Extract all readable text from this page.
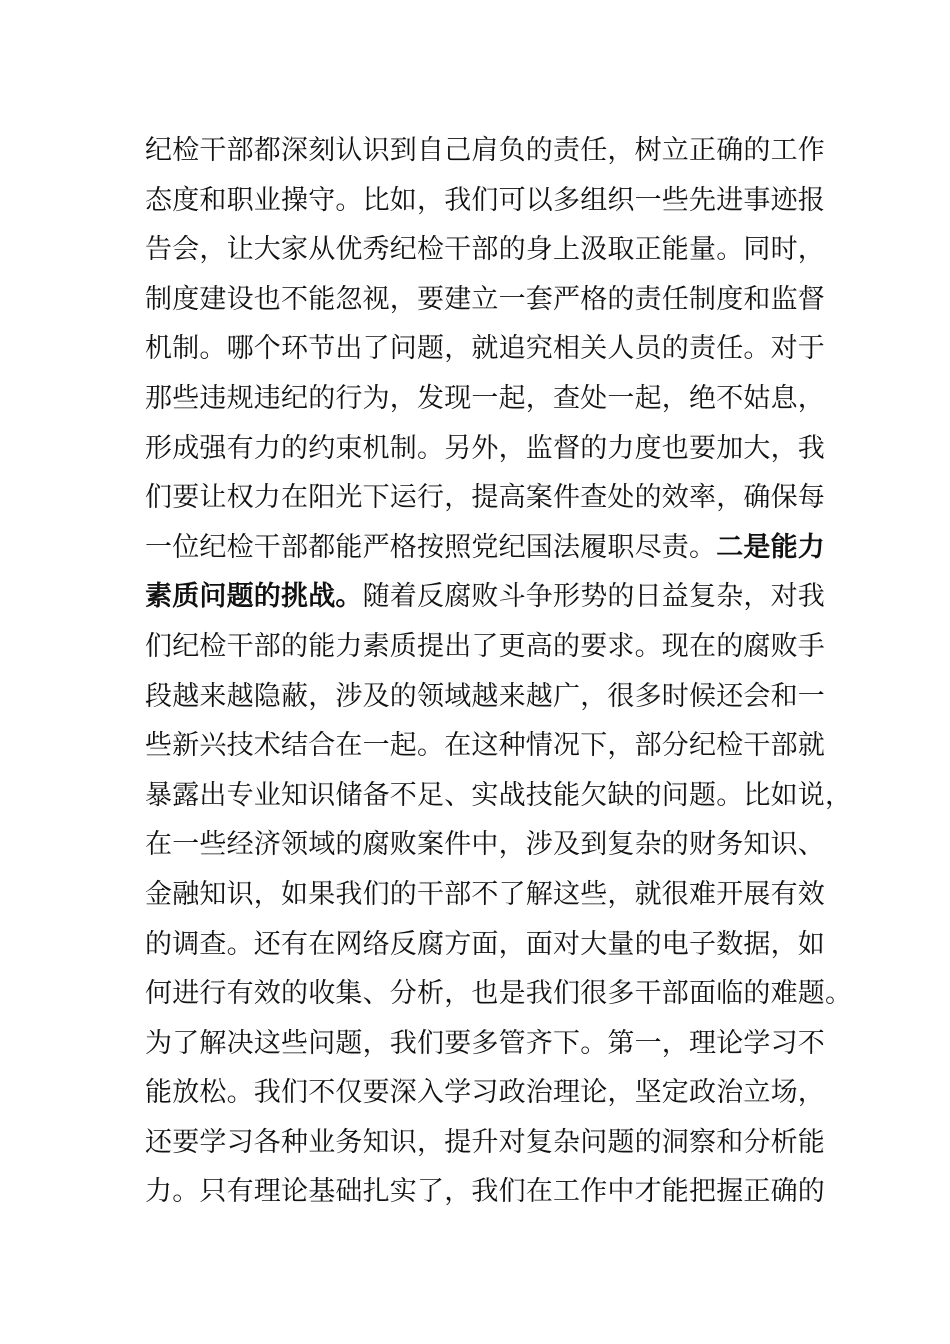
纪检干部都深刻认识到自己肩负的责任，树立正确的工作
态度和职业操守。比如，我们可以多组织一些先进事迹报
告会，让大家从优秀纪检干部的身上汲取正能量。同时，
制度建设也不能忽视，要建立一套严格的责任制度和监督
机制。哪个环节出了问题，就追究相关人员的责任。对于
那些违规违纪的行为，发现一起，查处一起，绝不姑息，
形成强有力的约束机制。另外，监督的力度也要加大，我
们要让权力在阳光下运行，提高案件查处的效率，确保每
一位纪检干部都能严格按照党纪国法履职尽责。二是能力
素质问题的挑战。随着反腐败斗争形势的日益复杂，对我
们纪检干部的能力素质提出了更高的要求。现在的腐败手
段越来越隐蔽，涉及的领域越来越广，很多时候还会和一
些新兴技术结合在一起。在这种情况下，部分纪检干部就
暴露出专业知识储备不足、实战技能欠缺的问题。比如说，
在一些经济领域的腐败案件中，涉及到复杂的财务知识、
金融知识，如果我们的干部不了解这些，就很难开展有效
的调查。还有在网络反腐方面，面对大量的电子数据，如
何进行有效的收集、分析，也是我们很多干部面临的难题。
为了解决这些问题，我们要多管齐下。第一，理论学习不
能放松。我们不仅要深入学习政治理论，坚定政治立场，
还要学习各种业务知识，提升对复杂问题的洞察和分析能
力。只有理论基础扎实了，我们在工作中才能把握正确的
